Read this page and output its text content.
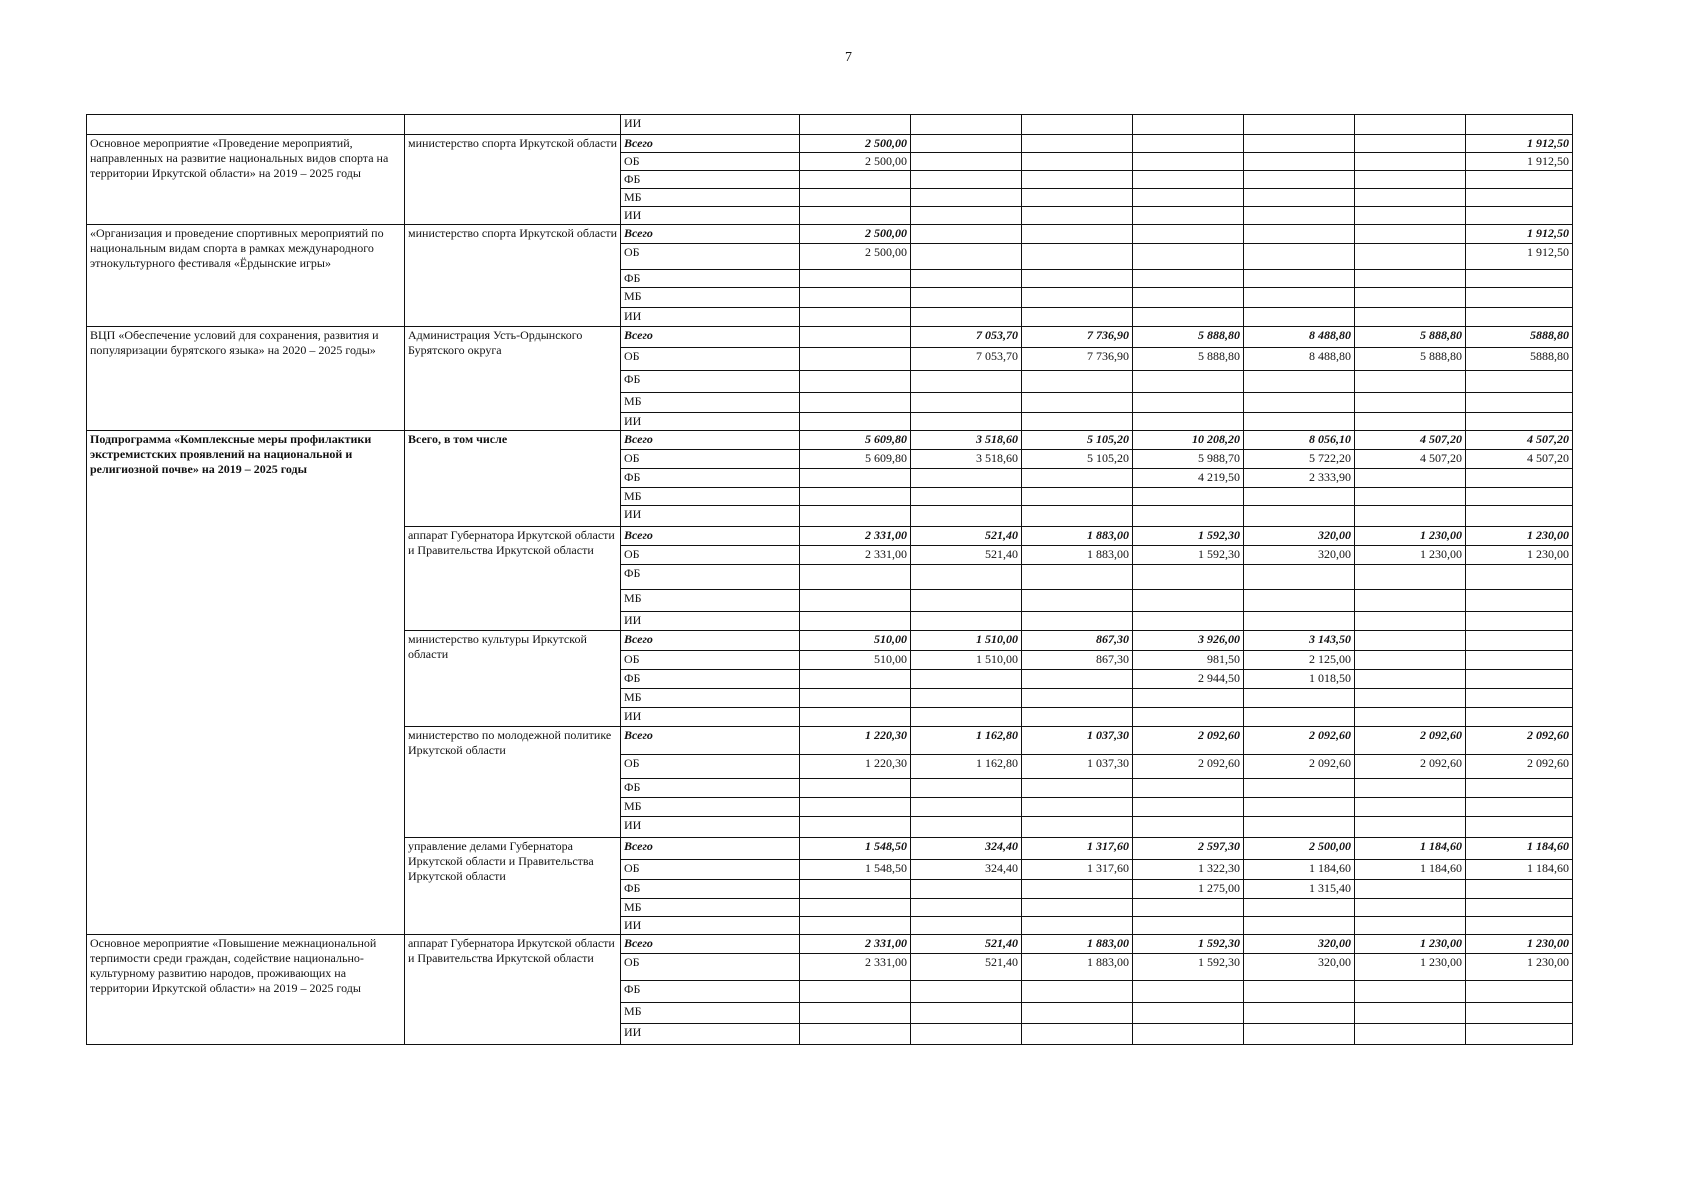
7
		ИИ							
Основное мероприятие «Проведение мероприятий, направленных на развитие национальных видов спорта на территории Иркутской области» на 2019 – 2025 годы	министерство спорта Иркутской области	Всего	2 500,00						1 912,50
		ОБ	2 500,00						1 912,50
		ФБ							
		МБ							
		ИИ							
«Организация и проведение спортивных мероприятий по национальным видам спорта в рамках международного этнокультурного фестиваля «Ёрдынские игры»	министерство спорта Иркутской области	Всего	2 500,00						1 912,50
		ОБ	2 500,00						1 912,50
		ФБ							
		МБ							
		ИИ							
ВЦП «Обеспечение условий для сохранения, развития и популяризации бурятского языка» на 2020 – 2025 годы»	Администрация Усть-Ордынского Бурятского округа	Всего		7 053,70	7 736,90	5 888,80	8 488,80	5 888,80	5888,80
		ОБ		7 053,70	7 736,90	5 888,80	8 488,80	5 888,80	5888,80
		ФБ							
		МБ							
		ИИ							
Подпрограмма «Комплексные меры профилактики экстремистских проявлений на национальной и религиозной почве» на 2019 – 2025 годы	Всего, в том числе	Всего	5 609,80	3 518,60	5 105,20	10 208,20	8 056,10	4 507,20	4 507,20
		ОБ	5 609,80	3 518,60	5 105,20	5 988,70	5 722,20	4 507,20	4 507,20
		ФБ				4 219,50	2 333,90		
		МБ							
		ИИ							
	аппарат Губернатора Иркутской области и Правительства Иркутской области	Всего	2 331,00	521,40	1 883,00	1 592,30	320,00	1 230,00	1 230,00
		ОБ	2 331,00	521,40	1 883,00	1 592,30	320,00	1 230,00	1 230,00
		ФБ							
		МБ							
		ИИ							
	министерство культуры Иркутской области	Всего	510,00	1 510,00	867,30	3 926,00	3 143,50		
		ОБ	510,00	1 510,00	867,30	981,50	2 125,00		
		ФБ				2 944,50	1 018,50		
		МБ							
		ИИ							
	министерство по молодежной политике Иркутской области	Всего	1 220,30	1 162,80	1 037,30	2 092,60	2 092,60	2 092,60	2 092,60
		ОБ	1 220,30	1 162,80	1 037,30	2 092,60	2 092,60	2 092,60	2 092,60
		ФБ							
		МБ							
		ИИ							
	управление делами Губернатора Иркутской области и Правительства Иркутской области	Всего	1 548,50	324,40	1 317,60	2 597,30	2 500,00	1 184,60	1 184,60
		ОБ	1 548,50	324,40	1 317,60	1 322,30	1 184,60	1 184,60	1 184,60
		ФБ				1 275,00	1 315,40		
		МБ							
		ИИ							
Основное мероприятие «Повышение межнациональной терпимости среди граждан, содействие национально-культурному развитию народов, проживающих на территории Иркутской области» на 2019 – 2025 годы	аппарат Губернатора Иркутской области и Правительства Иркутской области	Всего	2 331,00	521,40	1 883,00	1 592,30	320,00	1 230,00	1 230,00
		ОБ	2 331,00	521,40	1 883,00	1 592,30	320,00	1 230,00	1 230,00
		ФБ							
		МБ							
		ИИ							
